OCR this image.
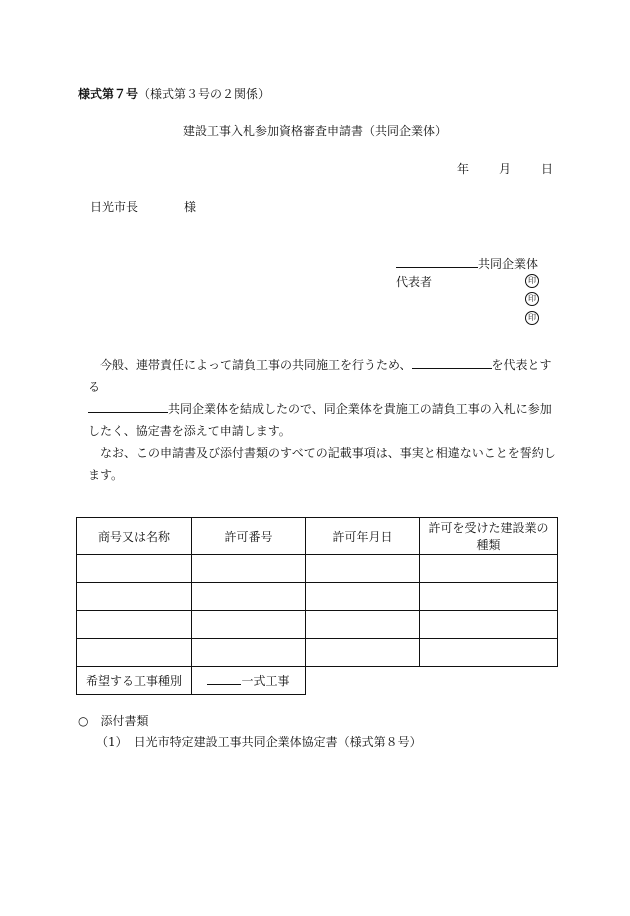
様式第７号（様式第３号の２関係）
建設工事入札参加資格審査申請書（共同企業体）
年	月	日
日光市長	様
共同企業体
代表者	印
印
印

　今般、連帯責任によって請負工事の共同施工を行うため、	を代表とする
共同企業体を結成したので、同企業体を貴施工の請負工事の入札に参加したく、協定書を添えて申請します。

　なお、この申請書及び添付書類のすべての記載事項は、事実と相違ないことを誓約します。

商号又は名称	許可番号	許可年月日	許可を受けた建設業の種類

希望する工事種別	一式工事		
○　 添付書類
（1）　 日光市特定建設工事共同企業体協定書（様式第８号）
